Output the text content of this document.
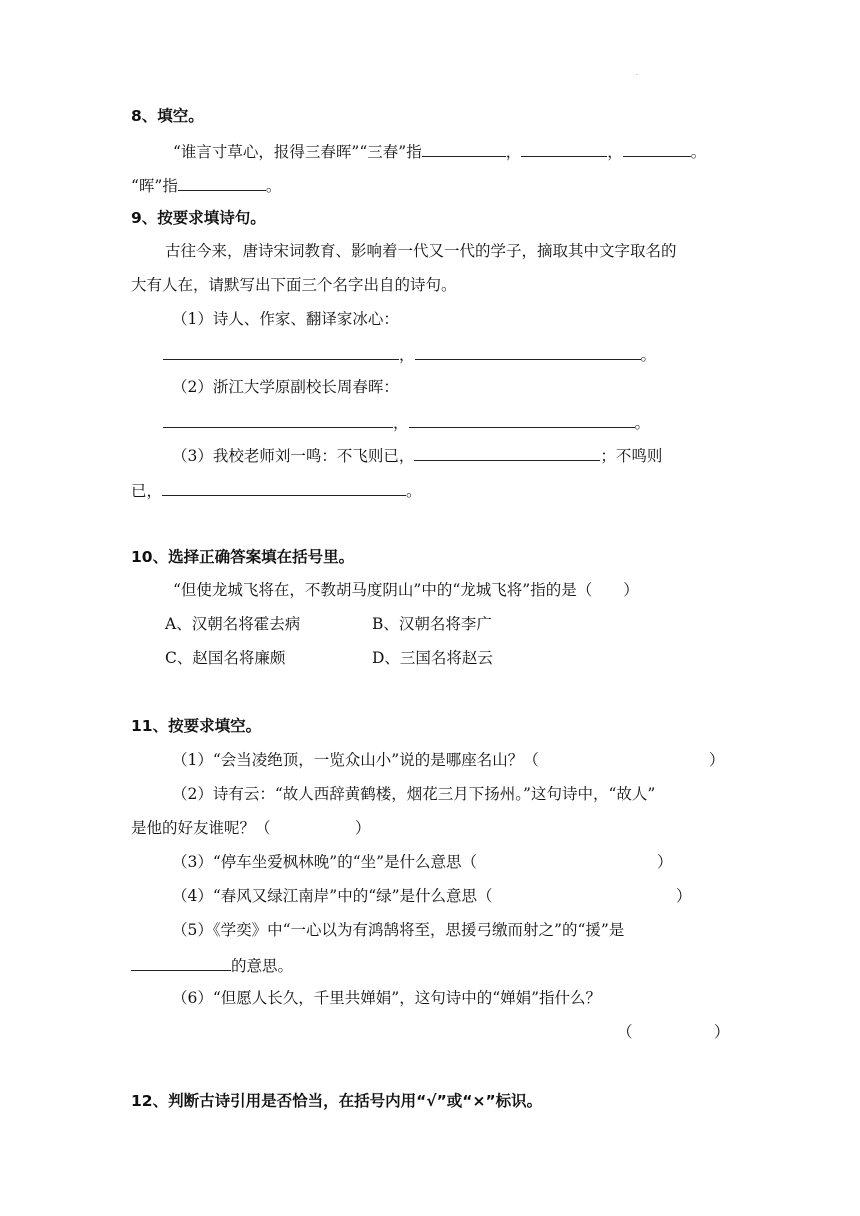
.
8、填空。
“谁言寸草心，报得三春晖”“三春”指	，	，	。
“晖”指	。
9、按要求填诗句。
古往今来，唐诗宋词教育、影响着一代又一代的学子，摘取其中文字取名的
大有人在，请默写出下面三个名字出自的诗句。
（1）诗人、作家、翻译家冰心：
，	。
（2）浙江大学原副校长周春晖：
，	。
（3）我校老师刘一鸣：不飞则已，	；不鸣则
已，	。
10、选择正确答案填在括号里。
“但使龙城飞将在，不教胡马度阴山”中的“龙城飞将”指的是（　　）
A、汉朝名将霍去病	B、汉朝名将李广
C、赵国名将廉颇	D、三国名将赵云
11、按要求填空。
（1）“会当凌绝顶，一览众山小”说的是哪座名山？（	）
（2）诗有云：“故人西辞黄鹤楼，烟花三月下扬州。”这句诗中，“故人”
是他的好友谁呢？（	）
（3）“停车坐爱枫林晚”的“坐”是什么意思（	）
（4）“春风又绿江南岸”中的“绿”是什么意思（	）
（5）《学奕》中“一心以为有鸿鹄将至，思援弓缴而射之”的“援”是
的意思。
（6）“但愿人长久，千里共婵娟”，这句诗中的“婵娟”指什么？
（	）
12、判断古诗引用是否恰当，在括号内用“√”或“×”标识。
